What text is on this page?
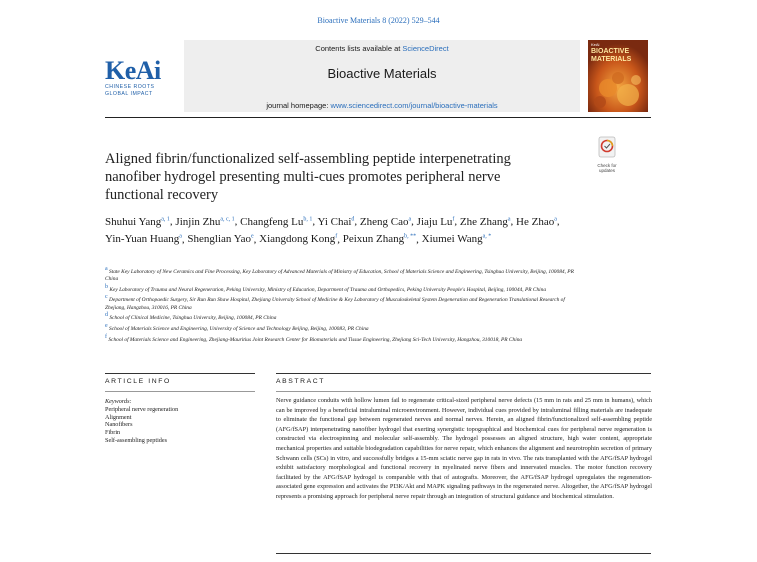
Bioactive Materials 8 (2022) 529–544
KeAi
CHINESE ROOTS
GLOBAL IMPACT
Contents lists available at ScienceDirect
Bioactive Materials
journal homepage: www.sciencedirect.com/journal/bioactive-materials
KeAi
BIOACTIVE
MATERIALS
Aligned fibrin/functionalized self-assembling peptide interpenetrating nanofiber hydrogel presenting multi-cues promotes peripheral nerve functional recovery
Check for
updates
Shuhui Yang$^{a, 1}$, Jinjin Zhu$^{a, c, 1}$, Changfeng Lu$^{b, 1}$, Yi Chai$^d$, Zheng Cao$^a$, Jiaju Lu$^f$, Zhe Zhang$^a$, He Zhao$^a$, Yin-Yuan Huang$^a$, Shenglian Yao$^e$, Xiangdong Kong$^f$, Peixun Zhang$^{b, **}$, Xiumei Wang$^{a, *}$
$^a$ State Key Laboratory of New Ceramics and Fine Processing, Key Laboratory of Advanced Materials of Ministry of Education, School of Materials Science and Engineering, Tsinghua University, Beijing, 100084, PR China
$^b$ Key Laboratory of Trauma and Neural Regeneration, Peking University, Ministry of Education, Department of Trauma and Orthopedics, Peking University People's Hospital, Beijing, 100044, PR China
$^c$ Department of Orthopaedic Surgery, Sir Run Run Shaw Hospital, Zhejiang University School of Medicine & Key Laboratory of Musculoskeletal System Degeneration and Regeneration Translational Research of Zhejiang, Hangzhou, 310016, PR China
$^d$ School of Clinical Medicine, Tsinghua University, Beijing, 100084, PR China
$^e$ School of Materials Science and Engineering, University of Science and Technology Beijing, Beijing, 100083, PR China
$^f$ School of Materials Science and Engineering, Zhejiang-Mauritius Joint Research Center for Biomaterials and Tissue Engineering, Zhejiang Sci-Tech University, Hangzhou, 310018, PR China
ARTICLE INFO
Keywords:
Peripheral nerve regeneration
Alignment
Nanofibers
Fibrin
Self-assembling peptides
ABSTRACT
Nerve guidance conduits with hollow lumen fail to regenerate critical-sized peripheral nerve defects (15 mm in rats and 25 mm in humans), which can be improved by a beneficial intraluminal microenvironment. However, individual cues provided by intraluminal filling materials are inadequate to eliminate the functional gap between regenerated nerves and normal nerves. Herein, an aligned fibrin/functionalized self-assembling peptide (AFG/fSAP) interpenetrating nanofiber hydrogel that exerting synergistic topographical and biochemical cues for peripheral nerve regeneration is constructed via electrospinning and molecular self-assembly. The hydrogel possesses an aligned structure, high water content, appropriate mechanical properties and suitable biodegradation capabilities for nerve repair, which enhances the alignment and neurotrophin secretion of primary Schwann cells (SCs) in vitro, and successfully bridges a 15-mm sciatic nerve gap in rats in vivo. The rats transplanted with the AFG/fSAP hydrogel exhibit satisfactory morphological and functional recovery in myelinated nerve fibers and innervated muscles. The motor function recovery facilitated by the AFG/fSAP hydrogel is comparable with that of autografts. Moreover, the AFG/fSAP hydrogel upregulates the regeneration-associated gene expression and activates the PI3K/Akt and MAPK signaling pathways in the regenerated nerve. Altogether, the AFG/fSAP hydrogel represents a promising approach for peripheral nerve repair through an integration of structural guidance and biochemical stimulation.
